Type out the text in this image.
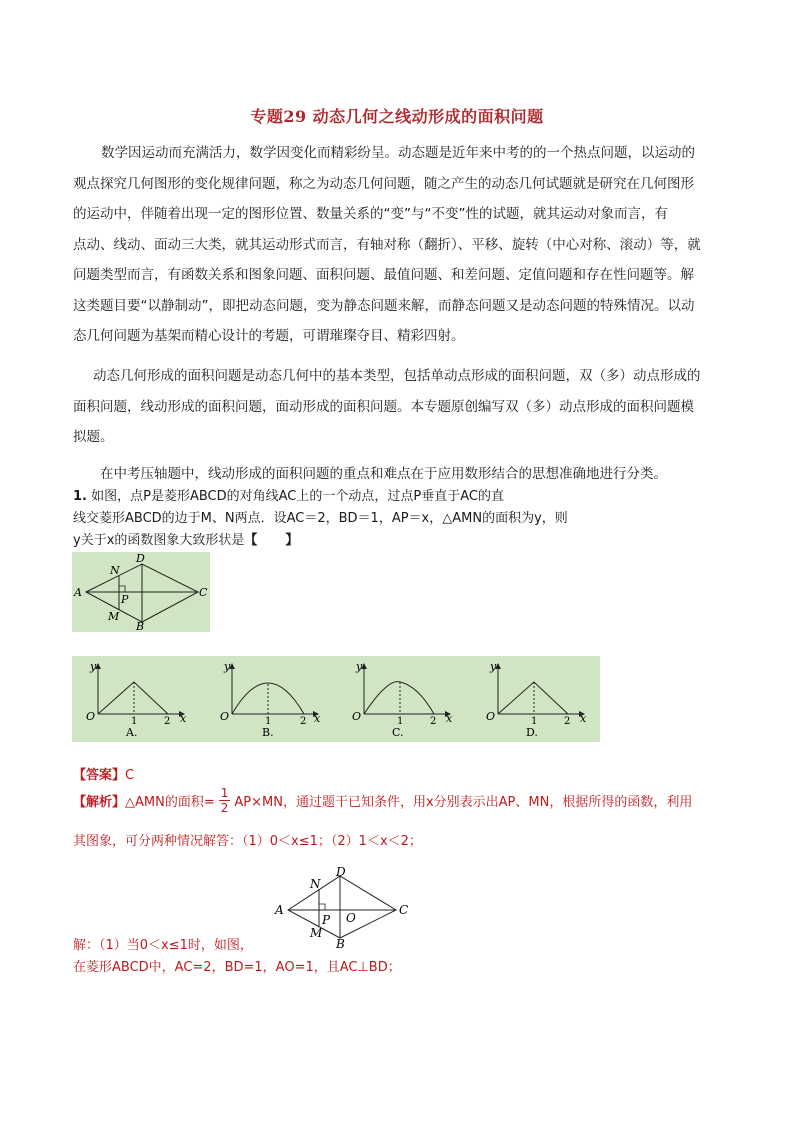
专题29 动态几何之线动形成的面积问题
数学因运动而充满活力，数学因变化而精彩纷呈。动态题是近年来中考的的一个热点问题，以运动的
观点探究几何图形的变化规律问题，称之为动态几何问题，随之产生的动态几何试题就是研究在几何图形
的运动中，伴随着出现一定的图形位置、数量关系的“变”与“不变”性的试题，就其运动对象而言，有
点动、线动、面动三大类，就其运动形式而言，有轴对称（翻折）、平移、旋转（中心对称、滚动）等，就
问题类型而言，有函数关系和图象问题、面积问题、最值问题、和差问题、定值问题和存在性问题等。解
这类题目要“以静制动”，即把动态问题，变为静态问题来解，而静态问题又是动态问题的特殊情况。以动
态几何问题为基架而精心设计的考题，可谓璀璨夺目、精彩四射。
动态几何形成的面积问题是动态几何中的基本类型，包括单动点形成的面积问题，双（多）动点形成的
面积问题，线动形成的面积问题，面动形成的面积问题。本专题原创编写双（多）动点形成的面积问题模
拟题。
在中考压轴题中，线动形成的面积问题的重点和难点在于应用数形结合的思想准确地进行分类。
1. 如图，点P是菱形ABCD的对角线AC上的一个动点，过点P垂直于AC的直
线交菱形ABCD的边于M、N两点．设AC＝2，BD＝1，AP＝x，△AMN的面积为y，则
y关于x的函数图象大致形状是【 】
A
D
C
B
N
M
P
y
x
O	1	2
A.
y
x
O	1	2
B.
y
x
O	1	2
C.
y
x
O	1	2
D.
【答案】C
【解析】 △AMN的面积= $\frac{1}{2} AP\times MN$，通过题干已知条件，用x分别表示出AP、MN，根据所得的函数，利用
其图象，可分两种情况解答：（1）0＜x≤1；（2）1＜x＜2；
A
D
C
B
N
M
P O
解：（1）当0＜x≤1时，如图，
在菱形ABCD中，AC=2，BD=1，AO=1，且AC⊥BD；
